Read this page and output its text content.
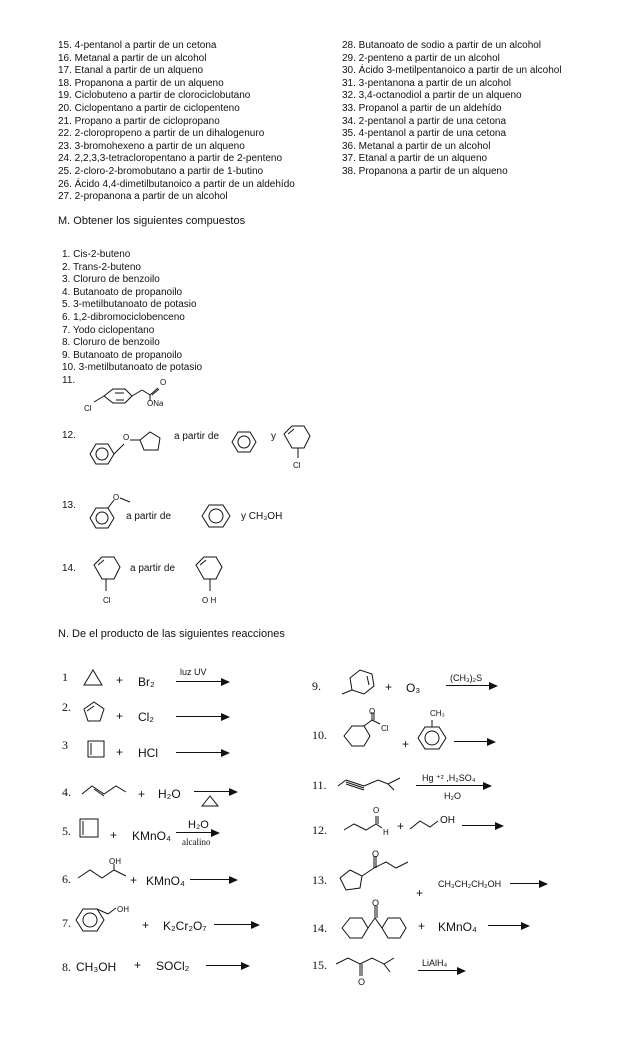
15. 4-pentanol a partir de un cetona
16. Metanal a partir de un alcohol
17. Etanal a partir de un alqueno
18. Propanona a partir de un alqueno
19. Ciclobuteno a partir de clorociclobutano
20. Ciclopentano a partir de ciclopenteno
21. Propano a partir de ciclopropano
22. 2-cloropropeno a partir de un dihalogenuro
23. 3-bromohexeno a partir de un alqueno
24. 2,2,3,3-tetracloropentano a partir de 2-penteno
25. 2-cloro-2-bromobutano a partir de 1-butino
26. Ácido 4,4-dimetilbutanoico a partir de un aldehído
27. 2-propanona a partir de un alcohol
28. Butanoato de sodio a partir de un alcohol
29. 2-penteno a partir de un alcohol
30. Ácido 3-metilpentanoico a partir de un alcohol
31. 3-pentanona a partir de un alcohol
32. 3,4-octanodiol a partir de un alqueno
33. Propanol a partir de un aldehído
34. 2-pentanol a partir de una cetona
35. 4-pentanol a partir de una cetona
36. Metanal a partir de un alcohol
37. Etanal a partir de un alqueno
38. Propanona a partir de un alqueno
M. Obtener los siguientes compuestos
1. Cis-2-buteno
2. Trans-2-buteno
3. Cloruro de benzoilo
4. Butanoato de propanoilo
5. 3-metilbutanoato de potasio
6. 1,2-dibromociclobenceno
7. Yodo ciclopentano
8. Cloruro de benzoilo
9. Butanoato de propanoilo
10. 3-metilbutanoato de potasio
11.
Cl
O
ONa
12.	O	a partir de	y
Cl
13.
O
a partir de	y CH₃OH
14.	a partir de
Cl	O H
N. De el producto de las siguientes reacciones
1	+ Br₂
luz UV
2.
+ Cl₂ →
3	+ HCl →
4.	+ H₂O →
5.	+ KMnO₄
H₂O
alcalino
6.
OH
+ KMnO₄ →
7.
OH
+ K₂Cr₂O₇ →
8. CH₃OH + SOCl₂ →
9.	+ O₃
(CH₃)₂S
10.
O
Cl
+
CH₃
11.	Hg ⁺² ,H₂SO₄
H₂O
12.
O
H +	OH →
13.
O
+
CH₃CH₂CH₂OH →
14.
O
+ KMnO₄ →
15.
O
LiAlH₄
